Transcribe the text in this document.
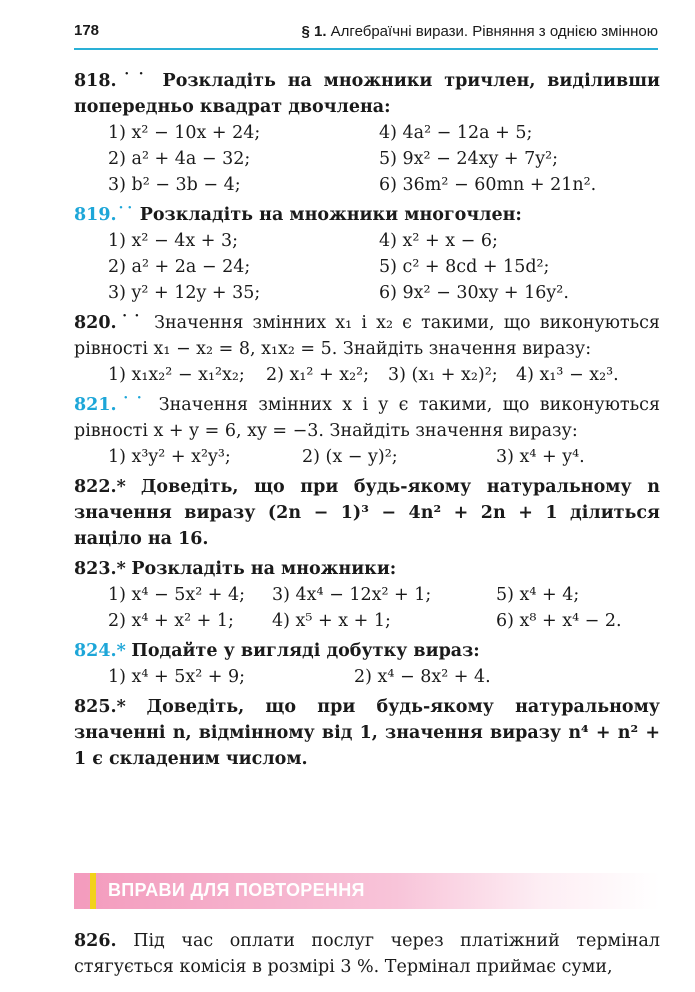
178	§ 1. Алгебраїчні вирази. Рівняння з однією змінною

818.˙˙ Розкладіть на множники тричлен, виділивши попередньо квадрат двочлена:

1) x² − 10x + 24;	4) 4a² − 12a + 5;
2) a² + 4a − 32;	5) 9x² − 24xy + 7y²;
3) b² − 3b − 4;	6) 36m² − 60mn + 21n².

819.˙˙ Розкладіть на множники многочлен:

1) x² − 4x + 3;	4) x² + x − 6;
2) a² + 2a − 24;	5) c² + 8cd + 15d²;
3) y² + 12y + 35;	6) 9x² − 30xy + 16y².

820.˙˙ Значення змінних x₁ і x₂ є такими, що виконуються рівності x₁ − x₂ = 8, x₁x₂ = 5. Знайдіть значення виразу:

1) x₁x₂² − x₁²x₂;	2) x₁² + x₂²;	3) (x₁ + x₂)²;	4) x₁³ − x₂³.

821.˙˙ Значення змінних x і y є такими, що виконуються рівності x + y = 6, xy = −3. Знайдіть значення виразу:

1) x³y² + x²y³;	2) (x − y)²;	3) x⁴ + y⁴.

822.* Доведіть, що при будь-якому натуральному n значення виразу (2n − 1)³ − 4n² + 2n + 1 ділиться націло на 16.

823.* Розкладіть на множники:

1) x⁴ − 5x² + 4;	3) 4x⁴ − 12x² + 1;	5) x⁴ + 4;
2) x⁴ + x² + 1;	4) x⁵ + x + 1;	6) x⁸ + x⁴ − 2.

824.* Подайте у вигляді добутку вираз:

1) x⁴ + 5x² + 9;	2) x⁴ − 8x² + 4.

825.* Доведіть, що при будь-якому натуральному значенні n, відмінному від 1, значення виразу n⁴ + n² + 1 є складеним числом.

ВПРАВИ ДЛЯ ПОВТОРЕННЯ

826. Під час оплати послуг через платіжний термінал стягується комісія в розмірі 3 %. Термінал приймає суми,
